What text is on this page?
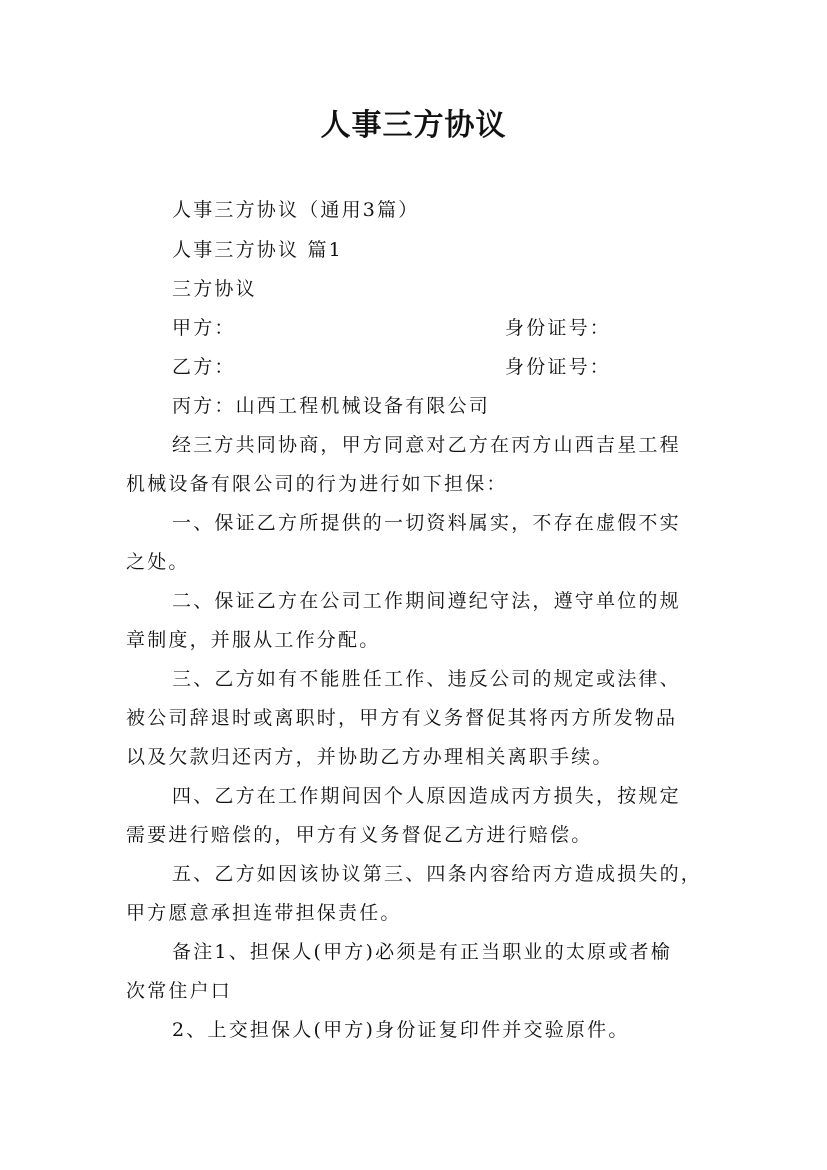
人事三方协议
人事三方协议（通用3篇）
人事三方协议 篇1
三方协议
甲方：	身份证号：
乙方：	身份证号：
丙方：山西工程机械设备有限公司
经三方共同协商，甲方同意对乙方在丙方山西吉星工程
机械设备有限公司的行为进行如下担保：
一、保证乙方所提供的一切资料属实，不存在虚假不实
之处。
二、保证乙方在公司工作期间遵纪守法，遵守单位的规
章制度，并服从工作分配。
三、乙方如有不能胜任工作、违反公司的规定或法律、
被公司辞退时或离职时，甲方有义务督促其将丙方所发物品
以及欠款归还丙方，并协助乙方办理相关离职手续。
四、乙方在工作期间因个人原因造成丙方损失，按规定
需要进行赔偿的，甲方有义务督促乙方进行赔偿。
五、乙方如因该协议第三、四条内容给丙方造成损失的，
甲方愿意承担连带担保责任。
备注1、担保人(甲方)必须是有正当职业的太原或者榆
次常住户口
2、上交担保人(甲方)身份证复印件并交验原件。
